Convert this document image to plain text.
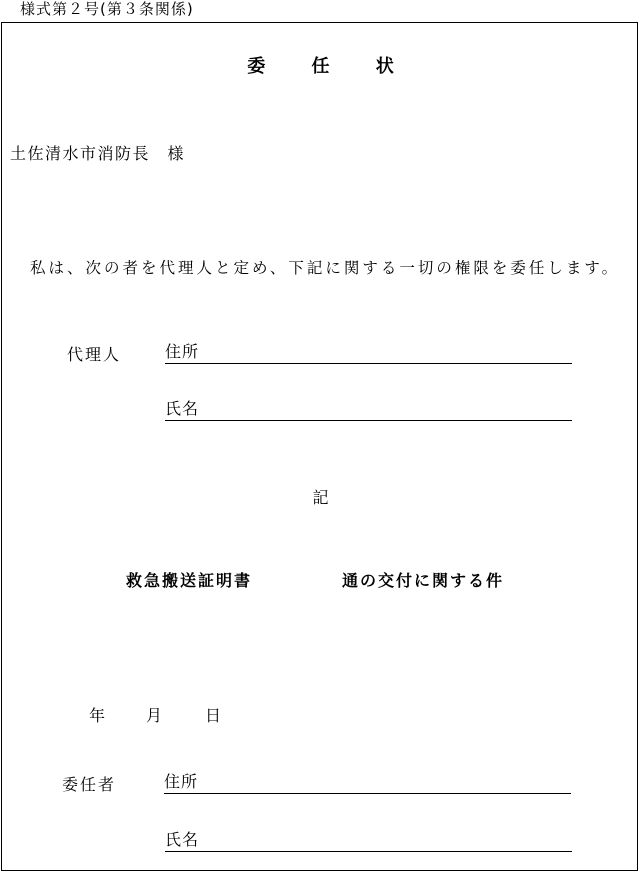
様式第２号(第３条関係)
委 任 状
土佐清水市消防長　様
私は、次の者を代理人と定め、下記に関する一切の権限を委任します。
代理人	住所
氏名
記
救急搬送証明書	通の交付に関する件
年	月	日
委任者	住所
氏名
